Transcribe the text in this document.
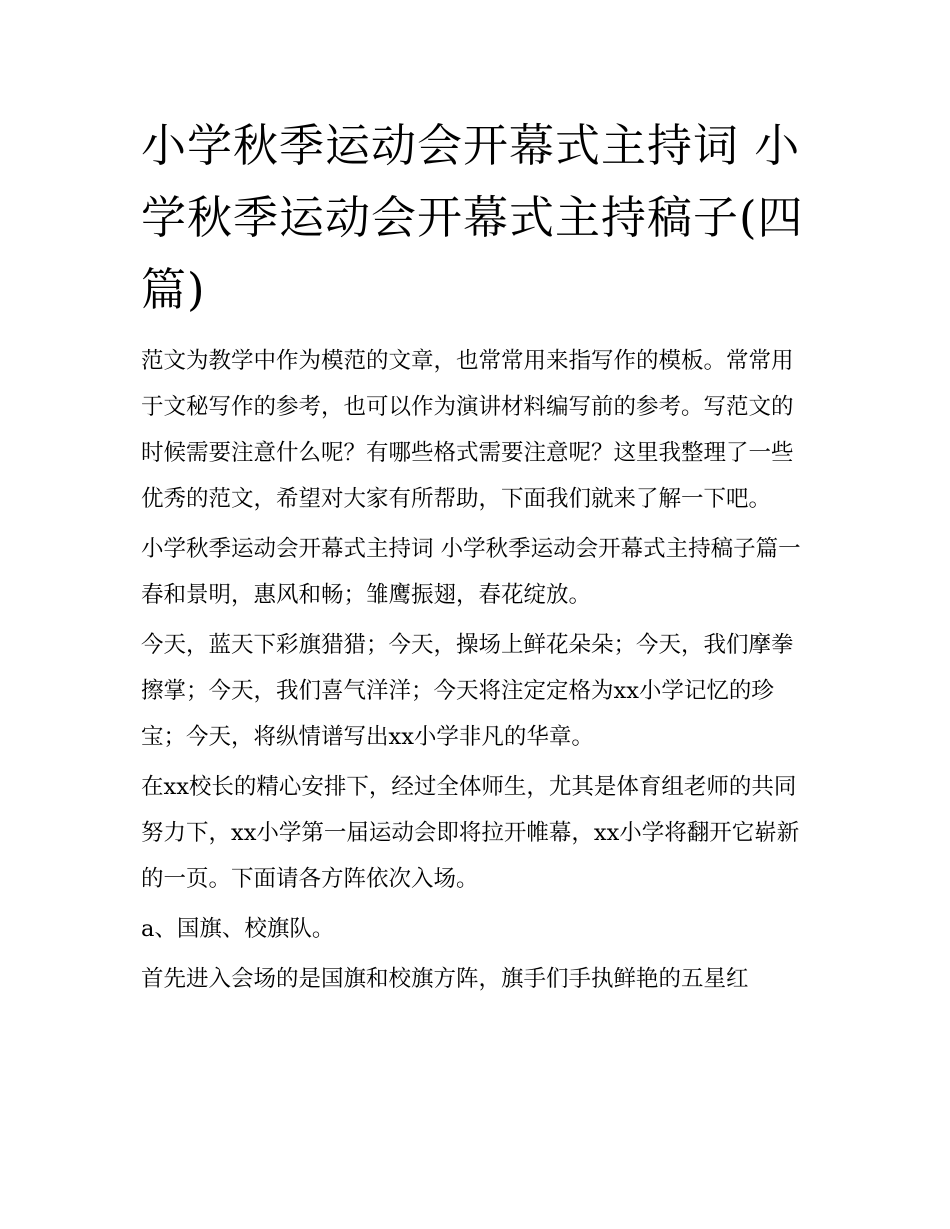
小学秋季运动会开幕式主持词 小学秋季运动会开幕式主持稿子(四篇)

范文为教学中作为模范的文章，也常常用来指写作的模板。常常用于文秘写作的参考，也可以作为演讲材料编写前的参考。写范文的时候需要注意什么呢？有哪些格式需要注意呢？这里我整理了一些优秀的范文，希望对大家有所帮助，下面我们就来了解一下吧。

小学秋季运动会开幕式主持词 小学秋季运动会开幕式主持稿子篇一 春和景明，惠风和畅；雏鹰振翅，春花绽放。

今天，蓝天下彩旗猎猎；今天，操场上鲜花朵朵；今天，我们摩拳擦掌；今天，我们喜气洋洋；今天将注定定格为xx小学记忆的珍宝；今天，将纵情谱写出xx小学非凡的华章。

在xx校长的精心安排下，经过全体师生，尤其是体育组老师的共同努力下，xx小学第一届运动会即将拉开帷幕，xx小学将翻开它崭新的一页。下面请各方阵依次入场。

a、国旗、校旗队。

首先进入会场的是国旗和校旗方阵，旗手们手执鲜艳的五星红
